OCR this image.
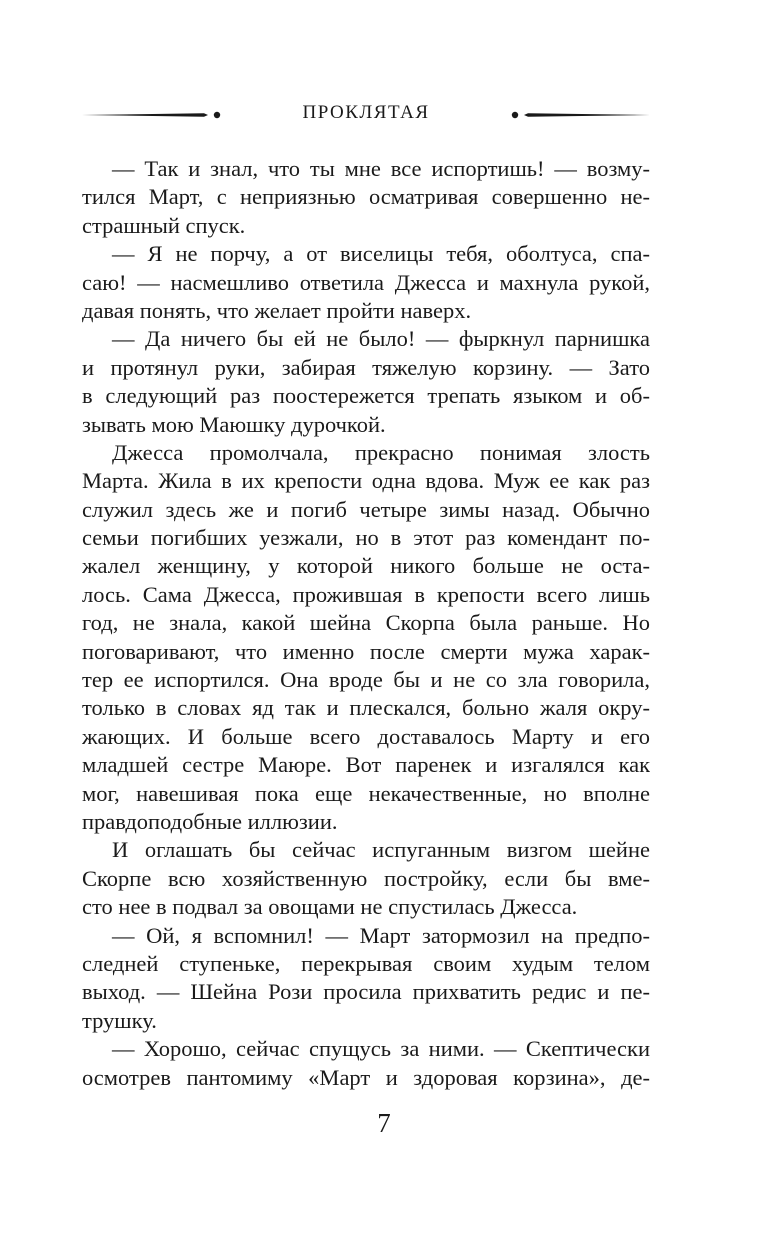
ПРОКЛЯТАЯ
— Так и знал, что ты мне все испортишь! — возму-
тился Март, с неприязнью осматривая совершенно не-
страшный спуск.
— Я не порчу, а от виселицы тебя, оболтуса, спа-
саю! — насмешливо ответила Джесса и махнула рукой,
давая понять, что желает пройти наверх.
— Да ничего бы ей не было! — фыркнул парнишка
и протянул руки, забирая тяжелую корзину. — Зато
в следующий раз поостережется трепать языком и об-
зывать мою Маюшку дурочкой.
Джесса промолчала, прекрасно понимая злость
Марта. Жила в их крепости одна вдова. Муж ее как раз
служил здесь же и погиб четыре зимы назад. Обычно
семьи погибших уезжали, но в этот раз комендант по-
жалел женщину, у которой никого больше не оста-
лось. Сама Джесса, прожившая в крепости всего лишь
год, не знала, какой шейна Скорпа была раньше. Но
поговаривают, что именно после смерти мужа харак-
тер ее испортился. Она вроде бы и не со зла говорила,
только в словах яд так и плескался, больно жаля окру-
жающих. И больше всего доставалось Марту и его
младшей сестре Маюре. Вот паренек и изгалялся как
мог, навешивая пока еще некачественные, но вполне
правдоподобные иллюзии.
И оглашать бы сейчас испуганным визгом шейне
Скорпе всю хозяйственную постройку, если бы вме-
сто нее в подвал за овощами не спустилась Джесса.
— Ой, я вспомнил! — Март затормозил на предпо-
следней ступеньке, перекрывая своим худым телом
выход. — Шейна Рози просила прихватить редис и пе-
трушку.
— Хорошо, сейчас спущусь за ними. — Скептически
осмотрев пантомиму «Март и здоровая корзина», де-
7
